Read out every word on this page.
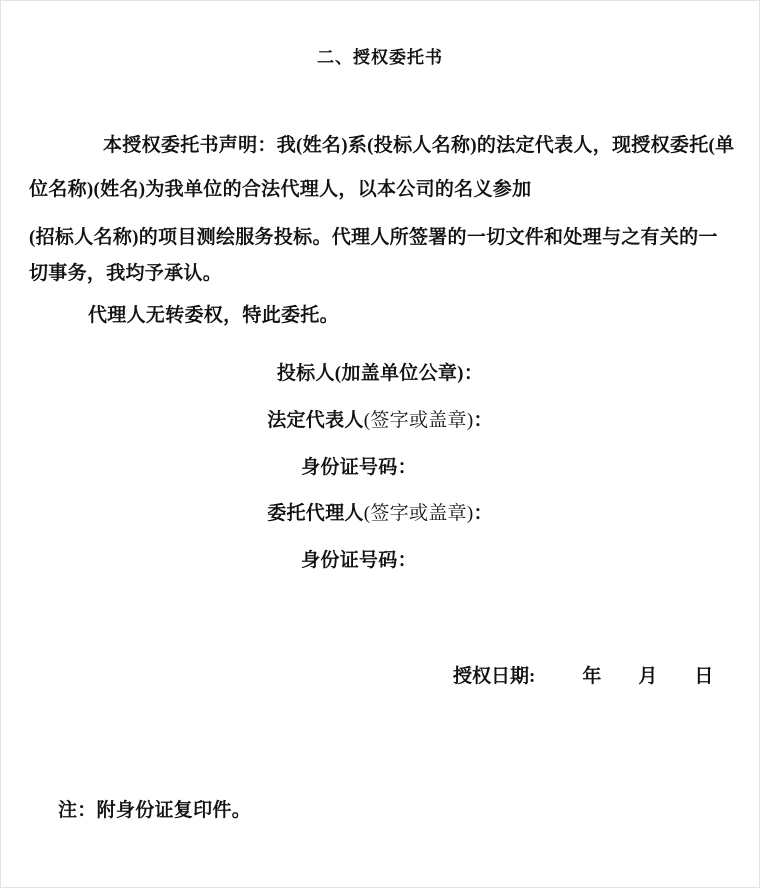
二、授权委托书
本授权委托书声明：我(姓名)系(投标人名称)的法定代表人，现授权委托(单
位名称)(姓名)为我单位的合法代理人，以本公司的名义参加
(招标人名称)的项目测绘服务投标。代理人所签署的一切文件和处理与之有关的一
切事务，我均予承认。
代理人无转委权，特此委托。
投标人(加盖单位公章)：
法定代表人(签字或盖章)：
身份证号码：
委托代理人(签字或盖章)：
身份证号码：
授权日期: 年 月 日
注：附身份证复印件。
